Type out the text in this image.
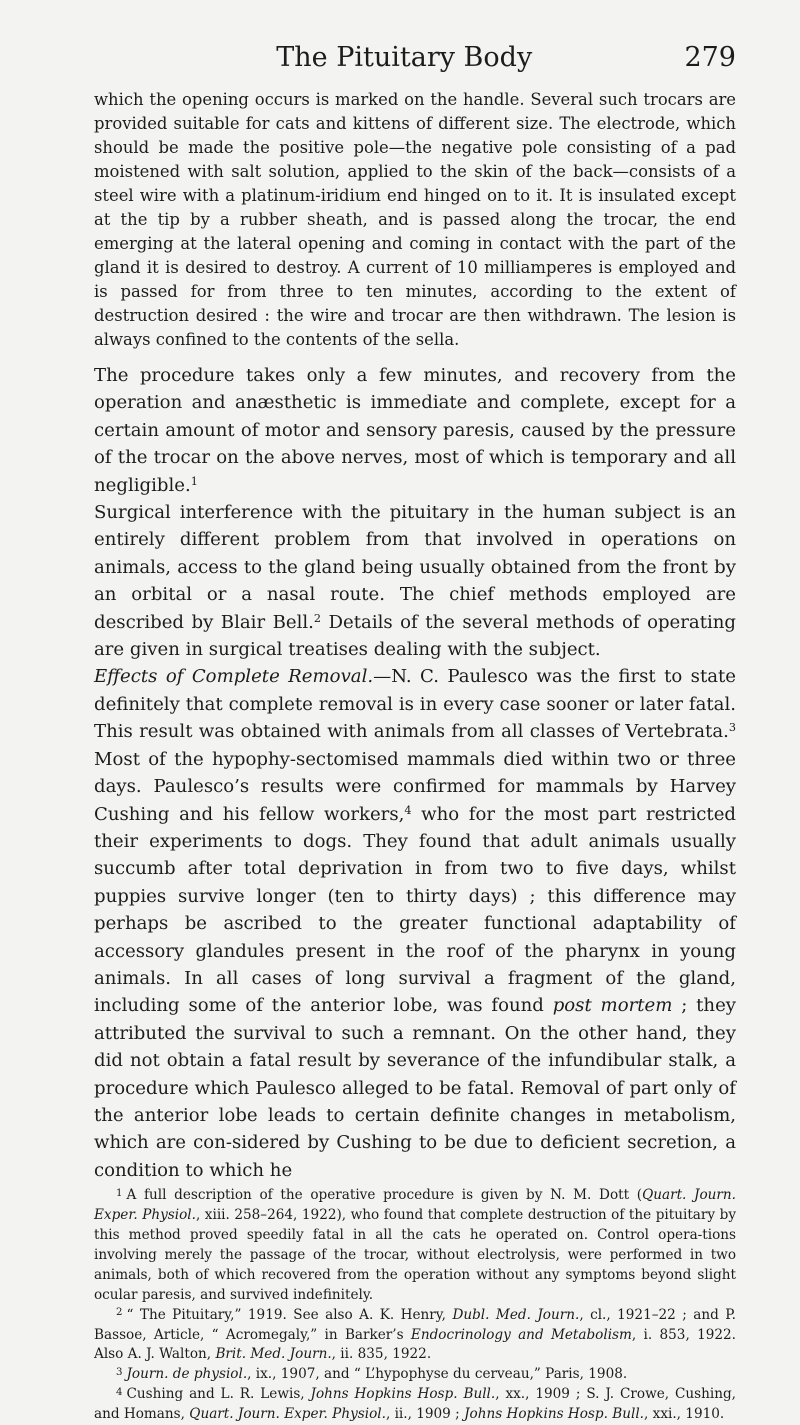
The Pituitary Body	279

which the opening occurs is marked on the handle. Several such trocars are provided suitable for cats and kittens of different size. The electrode, which should be made the positive pole—the negative pole consisting of a pad moistened with salt solution, applied to the skin of the back—consists of a steel wire with a platinum-iridium end hinged on to it. It is insulated except at the tip by a rubber sheath, and is passed along the trocar, the end emerging at the lateral opening and coming in contact with the part of the gland it is desired to destroy. A current of 10 milliamperes is employed and is passed for from three to ten minutes, according to the extent of destruction desired : the wire and trocar are then withdrawn. The lesion is always confined to the contents of the sella.

The procedure takes only a few minutes, and recovery from the operation and anæsthetic is immediate and complete, except for a certain amount of motor and sensory paresis, caused by the pressure of the trocar on the above nerves, most of which is temporary and all negligible.$^1$

Surgical interference with the pituitary in the human subject is an entirely different problem from that involved in operations on animals, access to the gland being usually obtained from the front by an orbital or a nasal route. The chief methods employed are described by Blair Bell.$^2$ Details of the several methods of operating are given in surgical treatises dealing with the subject.

Effects of Complete Removal.—N. C. Paulesco was the first to state definitely that complete removal is in every case sooner or later fatal. This result was obtained with animals from all classes of Vertebrata.$^3$ Most of the hypophy-sectomised mammals died within two or three days. Paulesco’s results were confirmed for mammals by Harvey Cushing and his fellow workers,$^4$ who for the most part restricted their experiments to dogs. They found that adult animals usually succumb after total deprivation in from two to five days, whilst puppies survive longer (ten to thirty days) ; this difference may perhaps be ascribed to the greater functional adaptability of accessory glandules present in the roof of the pharynx in young animals. In all cases of long survival a fragment of the gland, including some of the anterior lobe, was found post mortem ; they attributed the survival to such a remnant. On the other hand, they did not obtain a fatal result by severance of the infundibular stalk, a procedure which Paulesco alleged to be fatal. Removal of part only of the anterior lobe leads to certain definite changes in metabolism, which are con-sidered by Cushing to be due to deficient secretion, a condition to which he

$^1$ A full description of the operative procedure is given by N. M. Dott (Quart. Journ. Exper. Physiol., xiii. 258–264, 1922), who found that complete destruction of the pituitary by this method proved speedily fatal in all the cats he operated on. Control opera-tions involving merely the passage of the trocar, without electrolysis, were performed in two animals, both of which recovered from the operation without any symptoms beyond slight ocular paresis, and survived indefinitely.

$^2$ “ The Pituitary,” 1919. See also A. K. Henry, Dubl. Med. Journ., cl., 1921–22 ; and P. Bassoe, Article, “ Acromegaly,” in Barker’s Endocrinology and Metabolism, i. 853, 1922. Also A. J. Walton, Brit. Med. Journ., ii. 835, 1922.

$^3$ Journ. de physiol., ix., 1907, and “ L’hypophyse du cerveau,” Paris, 1908.

$^4$ Cushing and L. R. Lewis, Johns Hopkins Hosp. Bull., xx., 1909 ; S. J. Crowe, Cushing, and Homans, Quart. Journ. Exper. Physiol., ii., 1909 ; Johns Hopkins Hosp. Bull., xxi., 1910.
